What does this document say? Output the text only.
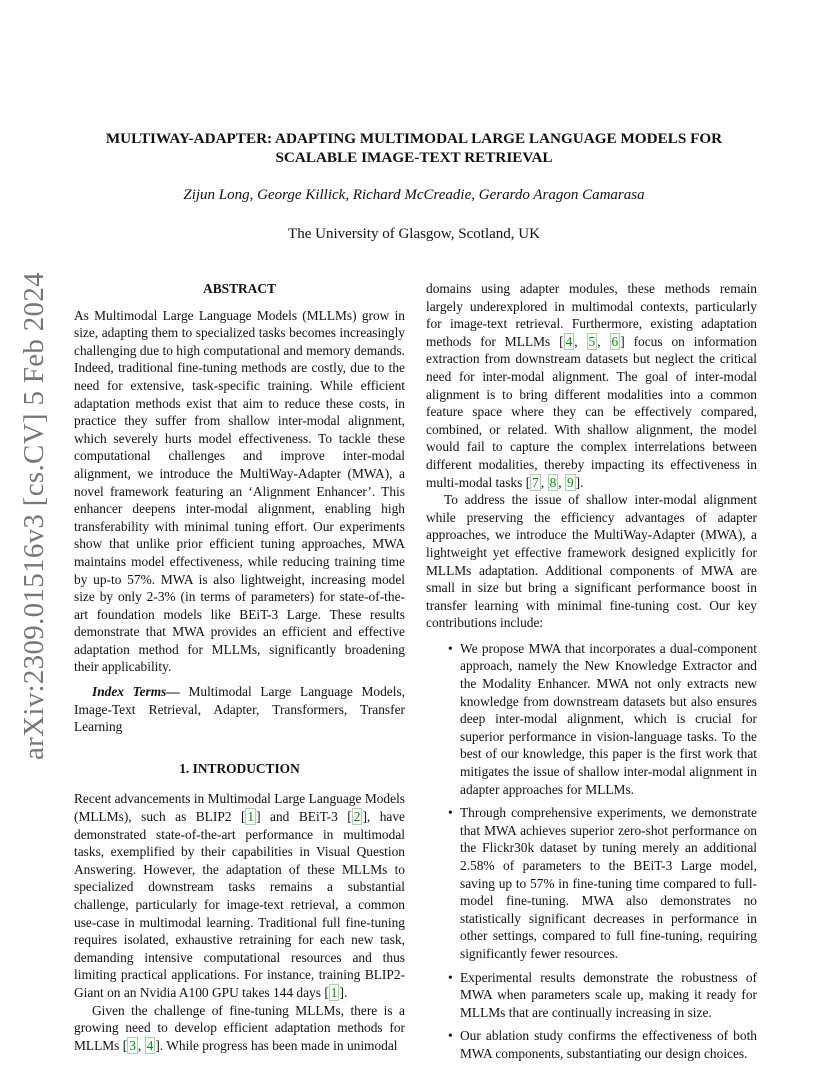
arXiv:2309.01516v3 [cs.CV] 5 Feb 2024
MULTIWAY-ADAPTER: ADAPTING MULTIMODAL LARGE LANGUAGE MODELS FOR
SCALABLE IMAGE-TEXT RETRIEVAL
Zijun Long, George Killick, Richard McCreadie, Gerardo Aragon Camarasa
The University of Glasgow, Scotland, UK

ABSTRACT

As Multimodal Large Language Models (MLLMs) grow in size, adapting them to specialized tasks becomes increasingly challenging due to high computational and memory demands. Indeed, traditional fine-tuning methods are costly, due to the need for extensive, task-specific training. While efficient adaptation methods exist that aim to reduce these costs, in practice they suffer from shallow inter-modal alignment, which severely hurts model effectiveness. To tackle these computational challenges and improve inter-modal alignment, we introduce the MultiWay-Adapter (MWA), a novel framework featuring an ‘Alignment Enhancer’. This enhancer deepens inter-modal alignment, enabling high transferability with minimal tuning effort. Our experiments show that unlike prior efficient tuning approaches, MWA maintains model effectiveness, while reducing training time by up-to 57%. MWA is also lightweight, increasing model size by only 2-3% (in terms of parameters) for state-of-the-art foundation models like BEiT-3 Large. These results demonstrate that MWA provides an efficient and effective adaptation method for MLLMs, significantly broadening their applicability.

Index Terms— Multimodal Large Language Models, Image-Text Retrieval, Adapter, Transformers, Transfer Learning

1. INTRODUCTION

Recent advancements in Multimodal Large Language Models (MLLMs), such as BLIP2 [ 1 ] and BEiT-3 [ 2 ], have demonstrated state-of-the-art performance in multimodal tasks, exemplified by their capabilities in Visual Question Answering. However, the adaptation of these MLLMs to specialized downstream tasks remains a substantial challenge, particularly for image-text retrieval, a common use-case in multimodal learning. Traditional full fine-tuning requires isolated, exhaustive retraining for each new task, demanding intensive computational resources and thus limiting practical applications. For instance, training BLIP2-Giant on an Nvidia A100 GPU takes 144 days [ 1 ].

Given the challenge of fine-tuning MLLMs, there is a growing need to develop efficient adaptation methods for MLLMs [ 3 , 4 ]. While progress has been made in unimodal

domains using adapter modules, these methods remain largely underexplored in multimodal contexts, particularly for image-text retrieval. Furthermore, existing adaptation methods for MLLMs [ 4 , 5 , 6 ] focus on information extraction from downstream datasets but neglect the critical need for inter-modal alignment. The goal of inter-modal alignment is to bring different modalities into a common feature space where they can be effectively compared, combined, or related. With shallow alignment, the model would fail to capture the complex interrelations between different modalities, thereby impacting its effectiveness in multi-modal tasks [ 7 , 8 , 9 ].

To address the issue of shallow inter-modal alignment while preserving the efficiency advantages of adapter approaches, we introduce the MultiWay-Adapter (MWA), a lightweight yet effective framework designed explicitly for MLLMs adaptation. Additional components of MWA are small in size but bring a significant performance boost in transfer learning with minimal fine-tuning cost. Our key contributions include:

• We propose MWA that incorporates a dual-component approach, namely the New Knowledge Extractor and the Modality Enhancer. MWA not only extracts new knowledge from downstream datasets but also ensures deep inter-modal alignment, which is crucial for superior performance in vision-language tasks. To the best of our knowledge, this paper is the first work that mitigates the issue of shallow inter-modal alignment in adapter approaches for MLLMs.
• Through comprehensive experiments, we demonstrate that MWA achieves superior zero-shot performance on the Flickr30k dataset by tuning merely an additional 2.58% of parameters to the BEiT-3 Large model, saving up to 57% in fine-tuning time compared to full-model fine-tuning. MWA also demonstrates no statistically significant decreases in performance in other settings, compared to full fine-tuning, requiring significantly fewer resources.
• Experimental results demonstrate the robustness of MWA when parameters scale up, making it ready for MLLMs that are continually increasing in size.
• Our ablation study confirms the effectiveness of both MWA components, substantiating our design choices.
